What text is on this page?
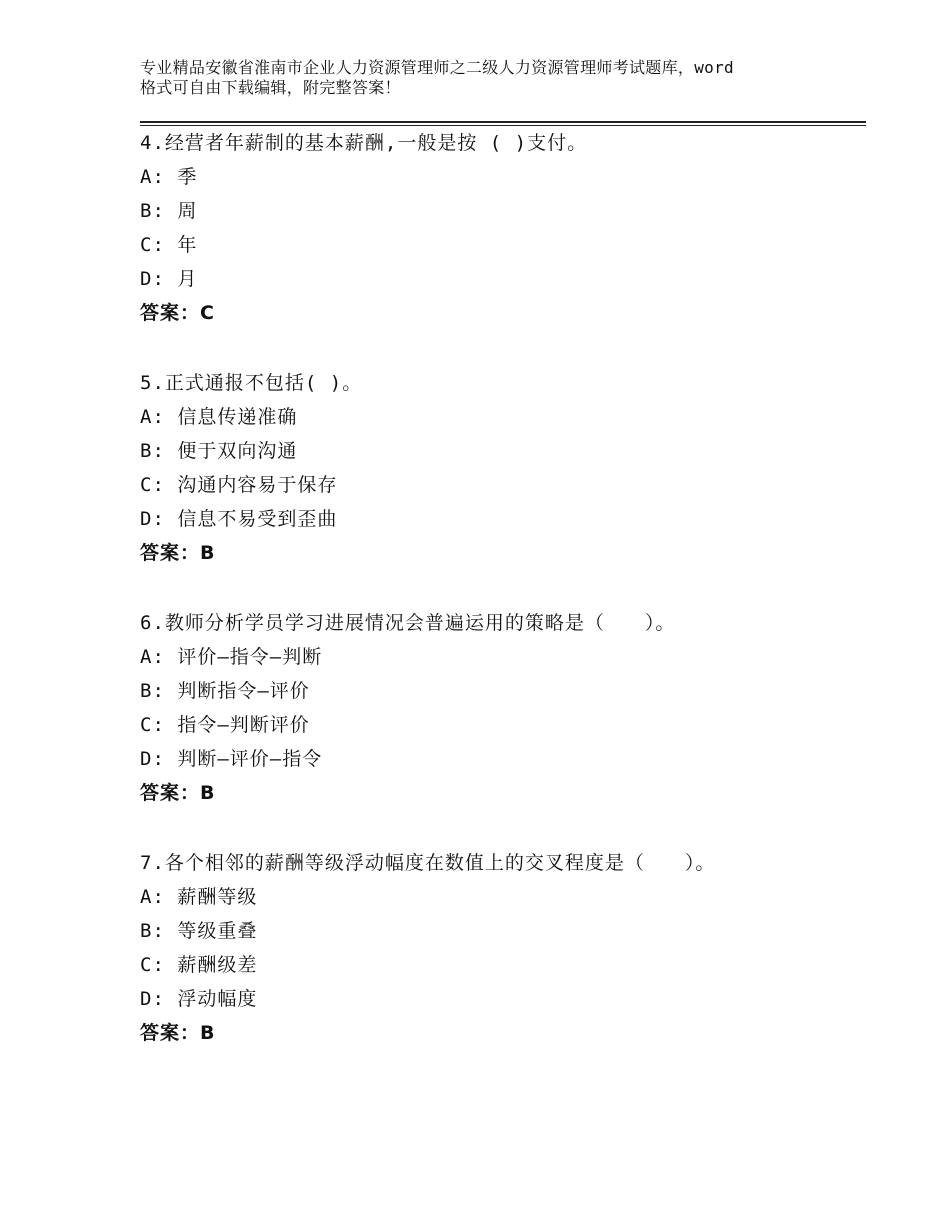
专业精品安徽省淮南市企业人力资源管理师之二级人力资源管理师考试题库，word
格式可自由下载编辑，附完整答案！
4.经营者年薪制的基本薪酬,一般是按 ( )支付。
A: 季
B: 周
C: 年
D: 月
答案：C
5.正式通报不包括( )。
A: 信息传递准确
B: 便于双向沟通
C: 沟通内容易于保存
D: 信息不易受到歪曲
答案：B
6.教师分析学员学习进展情况会普遍运用的策略是（　　）。
A: 评价—指令—判断
B: 判断指令—评价
C: 指令—判断评价
D: 判断—评价—指令
答案：B
7.各个相邻的薪酬等级浮动幅度在数值上的交叉程度是（　　）。
A: 薪酬等级
B: 等级重叠
C: 薪酬级差
D: 浮动幅度
答案：B
